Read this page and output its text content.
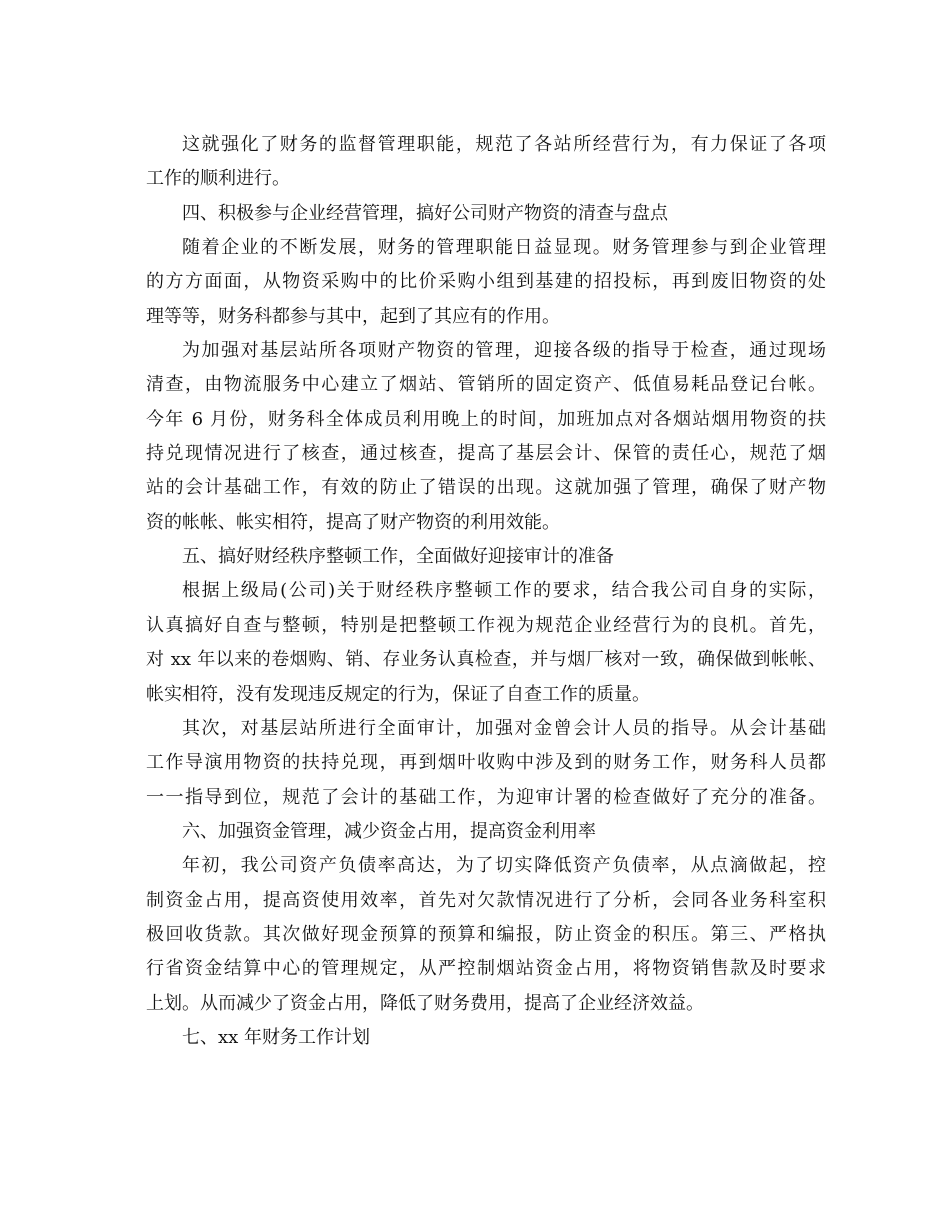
这就强化了财务的监督管理职能，规范了各站所经营行为，有力保证了各项
工作的顺利进行。
四、积极参与企业经营管理，搞好公司财产物资的清查与盘点
随着企业的不断发展，财务的管理职能日益显现。财务管理参与到企业管理
的方方面面，从物资采购中的比价采购小组到基建的招投标，再到废旧物资的处
理等等，财务科都参与其中，起到了其应有的作用。
为加强对基层站所各项财产物资的管理，迎接各级的指导于检查，通过现场
清查，由物流服务中心建立了烟站、管销所的固定资产、低值易耗品登记台帐。
今年 6 月份，财务科全体成员利用晚上的时间，加班加点对各烟站烟用物资的扶
持兑现情况进行了核查，通过核查，提高了基层会计、保管的责任心，规范了烟
站的会计基础工作，有效的防止了错误的出现。这就加强了管理，确保了财产物
资的帐帐、帐实相符，提高了财产物资的利用效能。
五、搞好财经秩序整顿工作，全面做好迎接审计的准备
根据上级局(公司)关于财经秩序整顿工作的要求，结合我公司自身的实际，
认真搞好自查与整顿，特别是把整顿工作视为规范企业经营行为的良机。首先，
对 xx 年以来的卷烟购、销、存业务认真检查，并与烟厂核对一致，确保做到帐帐、
帐实相符，没有发现违反规定的行为，保证了自查工作的质量。
其次，对基层站所进行全面审计，加强对金曾会计人员的指导。从会计基础
工作导演用物资的扶持兑现，再到烟叶收购中涉及到的财务工作，财务科人员都
一一指导到位，规范了会计的基础工作，为迎审计署的检查做好了充分的准备。
六、加强资金管理，减少资金占用，提高资金利用率
年初，我公司资产负债率高达，为了切实降低资产负债率，从点滴做起，控
制资金占用，提高资使用效率，首先对欠款情况进行了分析，会同各业务科室积
极回收货款。其次做好现金预算的预算和编报，防止资金的积压。第三、严格执
行省资金结算中心的管理规定，从严控制烟站资金占用，将物资销售款及时要求
上划。从而减少了资金占用，降低了财务费用，提高了企业经济效益。
七、xx 年财务工作计划
